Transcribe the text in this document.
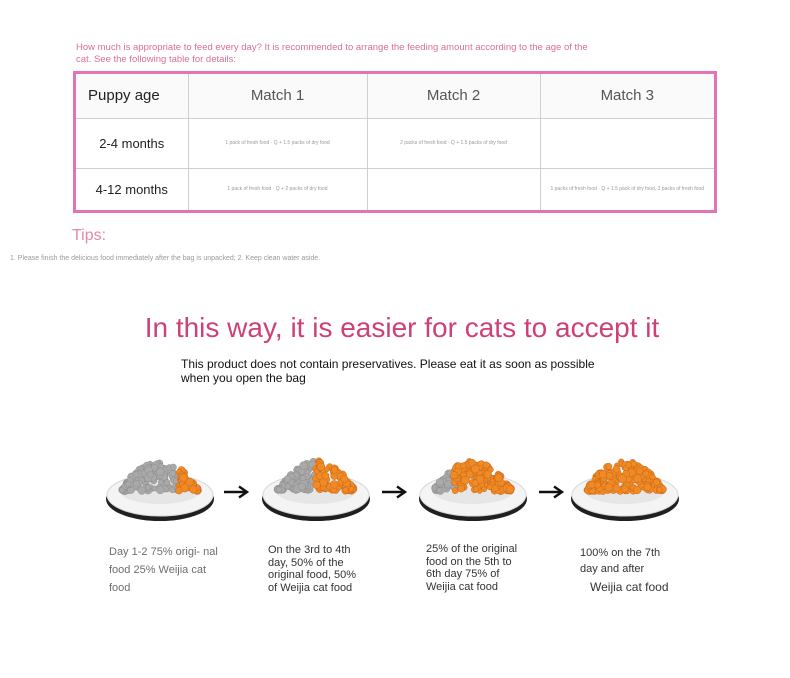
How much is appropriate to feed every day? It is recommended to arrange the feeding amount according to the age of the cat. See the following table for details:
Puppy age	Match 1	Match 2	Match 3
2-4 months	1 pack of fresh food · Q + 1.5 packs of dry food	2 packs of fresh food · Q + 1.5 packs of dry food	
4-12 months	1 pack of fresh food · Q + 2 packs of dry food		1 packs of fresh food · Q + 1.5 pack of dry food, 3 packs of fresh food
Tips:
1. Please finish the delicious food immediately after the bag is unpacked; 2. Keep clean water aside.
In this way, it is easier for cats to accept it
This product does not contain preservatives. Please eat it as soon as possible when you open the bag
Day 1-2 75% origi- nal food 25% Weijia cat food
On the 3rd to 4th day, 50% of the original food, 50% of Weijia cat food
25% of the original food on the 5th to 6th day 75% of Weijia cat food
100% on the 7th day and after
Weijia cat food
